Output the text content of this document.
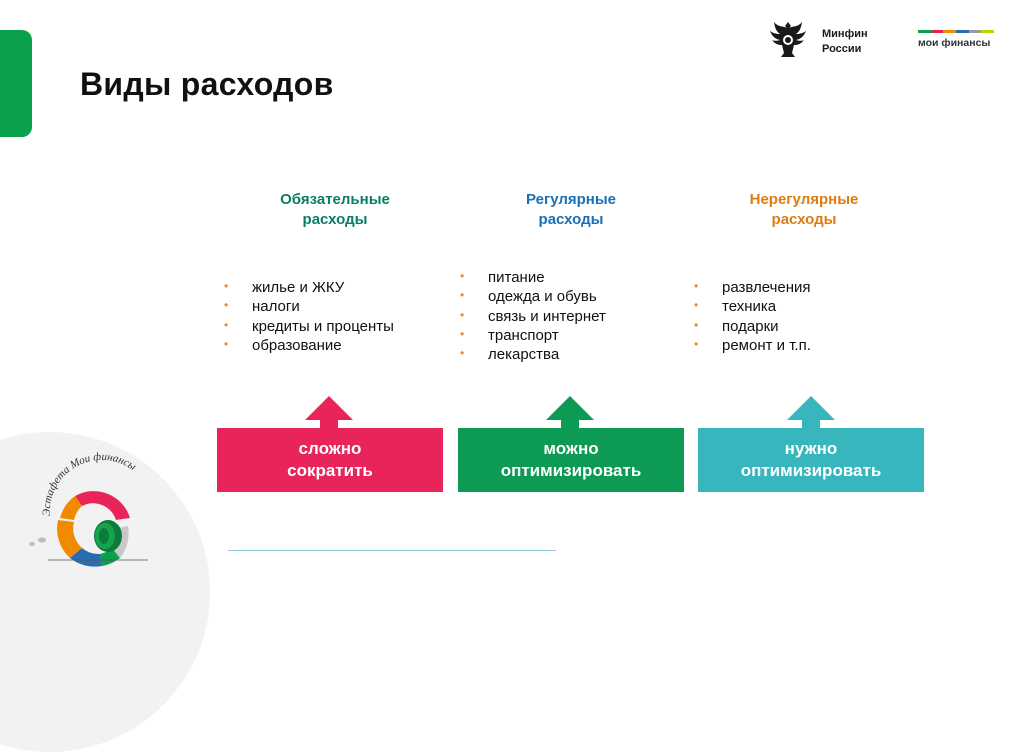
Виды расходов
Минфин
России	мои финансы
Обязательные
расходы
• жилье и ЖКУ
• налоги
• кредиты и проценты
• образование
Регулярные
расходы
• питание
• одежда и обувь
• связь и интернет
• транспорт
• лекарства
Нерегулярные
расходы
• развлечения
• техника
• подарки
• ремонт и т.п.
сложно
сократить
можно
оптимизировать
нужно
оптимизировать
Эстафета Мои финансы
